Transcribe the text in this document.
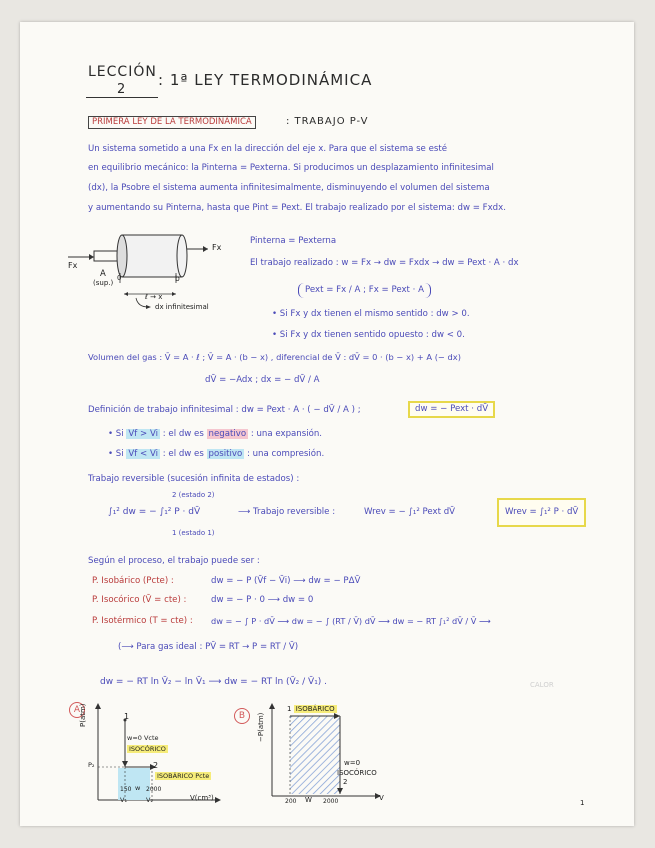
LECCIÓN
2
: 1ª LEY TERMODINÁMICA
PRIMERA LEY DE LA TERMODINÁMICA	: TRABAJO P-V
Un sistema sometido a una Fx en la dirección del eje x. Para que el sistema se esté
en equilibrio mecánico: la Pinterna = Pexterna. Si producimos un desplazamiento infinitesimal
(dx), la Psobre el sistema aumenta infinitesimalmente, disminuyendo el volumen del sistema
y aumentando su Pinterna, hasta que Pint = Pext. El trabajo realizado por el sistema: dw = Fxdx.
Fx
Fx
A
(sup.)
0	b
ℓ → x
dx infinitesimal
Pinterna = Pexterna
El trabajo realizado : w = Fx → dw = Fxdx → dw = Pext · A · dx
Pext = Fx / A ; Fx = Pext · A
• Si Fx y dx tienen el mismo sentido : dw > 0.
• Si Fx y dx tienen sentido opuesto : dw < 0.
Volumen del gas : V̄ = A · ℓ ; V̄ = A · (b − x) , diferencial de V̄ : dV̄ = 0 · (b − x) + A (− dx)
dV̄ = −Adx ; dx = − dV̄ / A
Definición de trabajo infinitesimal : dw = Pext · A · ( − dV̄ / A ) ;	dw = − Pext · dV̄
• Si Vf > Vi : el dw es negativo : una expansión.
• Si Vf < Vi : el dw es positivo : una compresión.
Trabajo reversible (sucesión infinita de estados) :
∫₁² dw = − ∫₁² P · dV̄
2 (estado 2)
1 (estado 1)
⟶ Trabajo reversible :	Wrev = − ∫₁² Pext dV̄	Wrev = ∫₁² P · dV̄
Según el proceso, el trabajo puede ser :
P. Isobárico (Pcte) :	dw = − P (V̄f − V̄i) ⟶ dw = − PΔV̄
P. Isocórico (V̄ = cte) :	dw = − P · 0 ⟶ dw = 0
P. Isotérmico (T = cte) : dw = − ∫ P · dV̄ ⟶ dw = − ∫ (RT / V̄) dV̄ ⟶ dw = − RT ∫₁² dV̄ / V̄ ⟶
(⟶ Para gas ideal : PV̄ = RT → P = RT / V̄)
dw = − RT ln V̄₂ − ln V̄₁ ⟶ dw = − RT ln (V̄₂ / V̄₁) .
A
P(atm)
V(cm³)
1
2
w=0 Vcte
ISOCÓRICO
ISOBÁRICO Pcte
P₂
150 w 2000
V₁	V₂
B	−P(atm)
V
1 ISOBÁRICO
w=0
ISOCÓRICO
2
200 W 2000
CALOR
1
